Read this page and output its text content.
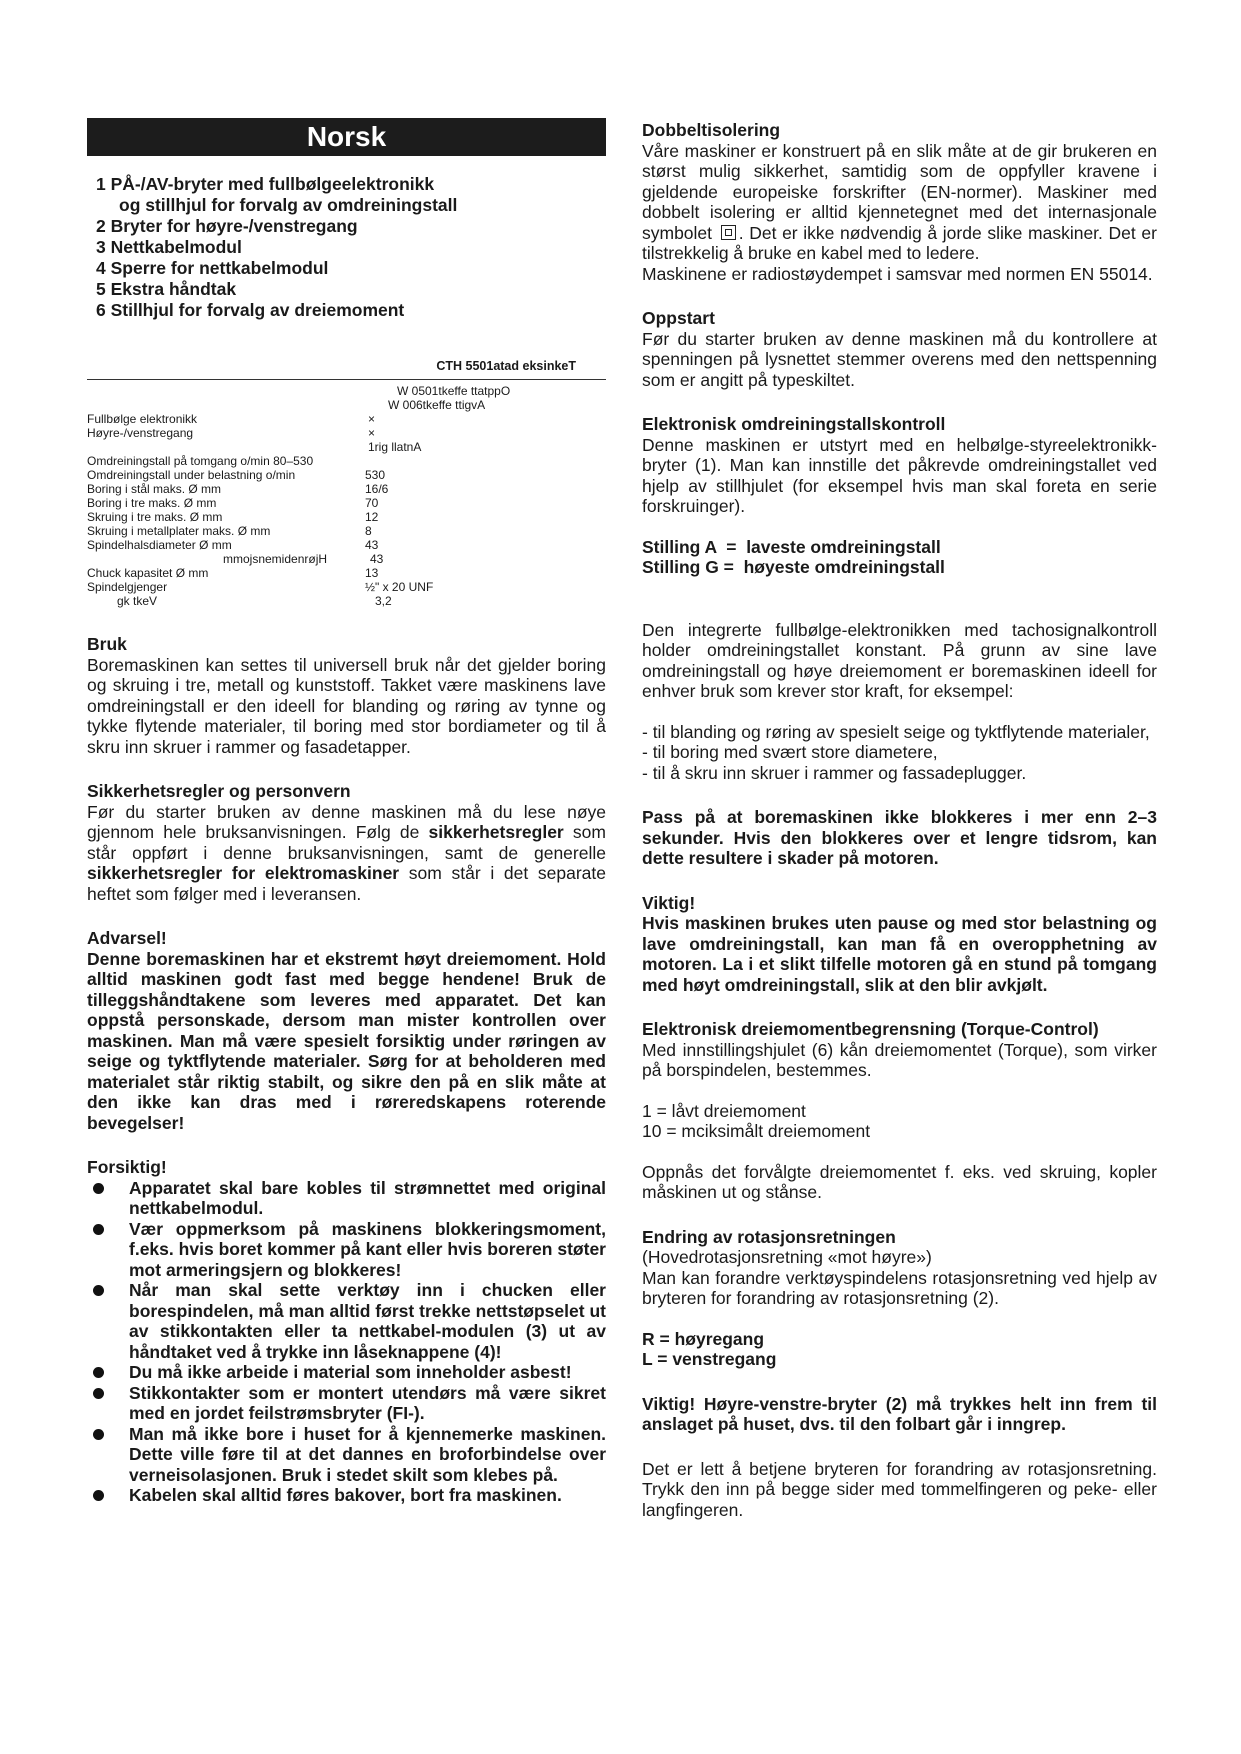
Norsk
1 PÅ-/AV-bryter med fullbølgeelektronikk
og stillhjul for forvalg av omdreiningstall
2 Bryter for høyre-/venstregang
3 Nettkabelmodul
4 Sperre for nettkabelmodul
5 Ekstra håndtak
6 Stillhjul for forvalg av dreiemoment
CTH 5501atad eksinkeT
W 0501tkeffe ttatppO
W 006tkeffe ttigvA
Fullbølge elektronikk	×
Høyre-/venstregang	×
1rig llatnA
Omdreiningstall på tomgang o/min 80–530
Omdreiningstall under belastning o/min	530
Boring i stål maks. Ø mm	16/6
Boring i tre maks. Ø mm	70
Skruing i tre maks. Ø mm	12
Skruing i metallplater maks. Ø mm	8
Spindelhalsdiameter Ø mm	43
mmojsnemidenrøjH	43
Chuck kapasitet Ø mm	13
Spindelgjenger	½" x 20 UNF
gk tkeV	3,2
Bruk

Boremaskinen kan settes til universell bruk når det gjelder boring og skruing i tre, metall og kunststoff. Takket være maskinens lave omdreiningstall er den ideell for blanding og røring av tynne og tykke flytende materialer, til boring med stor bordiameter og til å skru inn skruer i rammer og fasadetapper.

Sikkerhetsregler og personvern

Før du starter bruken av denne maskinen må du lese nøye gjennom hele bruksanvisningen. Følg de sikkerhetsregler som står oppført i denne bruksanvisningen, samt de generelle sikkerhetsregler for elektromaskiner som står i det separate heftet som følger med i leveransen.

Advarsel!

Denne boremaskinen har et ekstremt høyt dreiemoment. Hold alltid maskinen godt fast med begge hendene! Bruk de tilleggshåndtakene som leveres med apparatet. Det kan oppstå personskade, dersom man mister kontrollen over maskinen. Man må være spesielt forsiktig under røringen av seige og tyktflytende materialer. Sørg for at beholderen med materialet står riktig stabilt, og sikre den på en slik måte at den ikke kan dras med i røreredskapens roterende bevegelser!

Forsiktig!
Apparatet skal bare kobles til strømnettet med original nettkabelmodul.
Vær oppmerksom på maskinens blokkeringsmoment, f.eks. hvis boret kommer på kant eller hvis boreren støter mot armeringsjern og blokkeres!
Når man skal sette verktøy inn i chucken eller borespindelen, må man alltid først trekke nettstøpselet ut av stikkontakten eller ta nettkabel-modulen (3) ut av håndtaket ved å trykke inn låseknappene (4)!
Du må ikke arbeide i material som inneholder asbest!
Stikkontakter som er montert utendørs må være sikret med en jordet feilstrømsbryter (FI-).
Man må ikke bore i huset for å kjennemerke maskinen. Dette ville føre til at det dannes en broforbindelse over verneisolasjonen. Bruk i stedet skilt som klebes på.
Kabelen skal alltid føres bakover, bort fra maskinen.
Dobbeltisolering

Våre maskiner er konstruert på en slik måte at de gir brukeren en størst mulig sikkerhet, samtidig som de oppfyller kravene i gjeldende europeiske forskrifter (EN-normer). Maskiner med dobbelt isolering er alltid kjennetegnet med det internasjonale symbolet . Det er ikke nødvendig å jorde slike maskiner. Det er tilstrekkelig å bruke en kabel med to ledere.

Maskinene er radiostøydempet i samsvar med normen EN 55014.

Oppstart

Før du starter bruken av denne maskinen må du kontrollere at spenningen på lysnettet stemmer overens med den nettspenning som er angitt på typeskiltet.

Elektronisk omdreiningstallskontroll

Denne maskinen er utstyrt med en helbølge-styreelektronikk-bryter (1). Man kan innstille det påkrevde omdreiningstallet ved hjelp av stillhjulet (for eksempel hvis man skal foreta en serie forskruinger).

Stilling A  =  laveste omdreiningstall

Stilling G =  høyeste omdreiningstall

Den integrerte fullbølge-elektronikken med tachosignalkontroll holder omdreiningstallet konstant. På grunn av sine lave omdreiningstall og høye dreiemoment er boremaskinen ideell for enhver bruk som krever stor kraft, for eksempel:

- til blanding og røring av spesielt seige og tyktflytende materialer,

- til boring med svært store diametere,

- til å skru inn skruer i rammer og fassadeplugger.

Pass på at boremaskinen ikke blokkeres i mer enn 2–3 sekunder. Hvis den blokkeres over et lengre tidsrom, kan dette resultere i skader på motoren.

Viktig!

Hvis maskinen brukes uten pause og med stor belastning og lave omdreiningstall, kan man få en overopphetning av motoren. La i et slikt tilfelle motoren gå en stund på tomgang med høyt omdreiningstall, slik at den blir avkjølt.

Elektronisk dreiemomentbegrensning (Torque-Control)

Med innstillingshjulet (6) kån dreiemomentet (Torque), som virker på borspindelen, bestemmes.

1 = låvt dreiemoment

10 = mciksimålt dreiemoment

Oppnås det forvålgte dreiemomentet f. eks. ved skruing, kopler måskinen ut og stånse.

Endring av rotasjonsretningen

(Hovedrotasjonsretning «mot høyre»)

Man kan forandre verktøyspindelens rotasjonsretning ved hjelp av bryteren for forandring av rotasjonsretning (2).

R = høyregang

L = venstregang

Viktig! Høyre-venstre-bryter (2) må trykkes helt inn frem til anslaget på huset, dvs. til den folbart går i inngrep.

Det er lett å betjene bryteren for forandring av rotasjonsretning. Trykk den inn på begge sider med tommelfingeren og peke- eller langfingeren.
